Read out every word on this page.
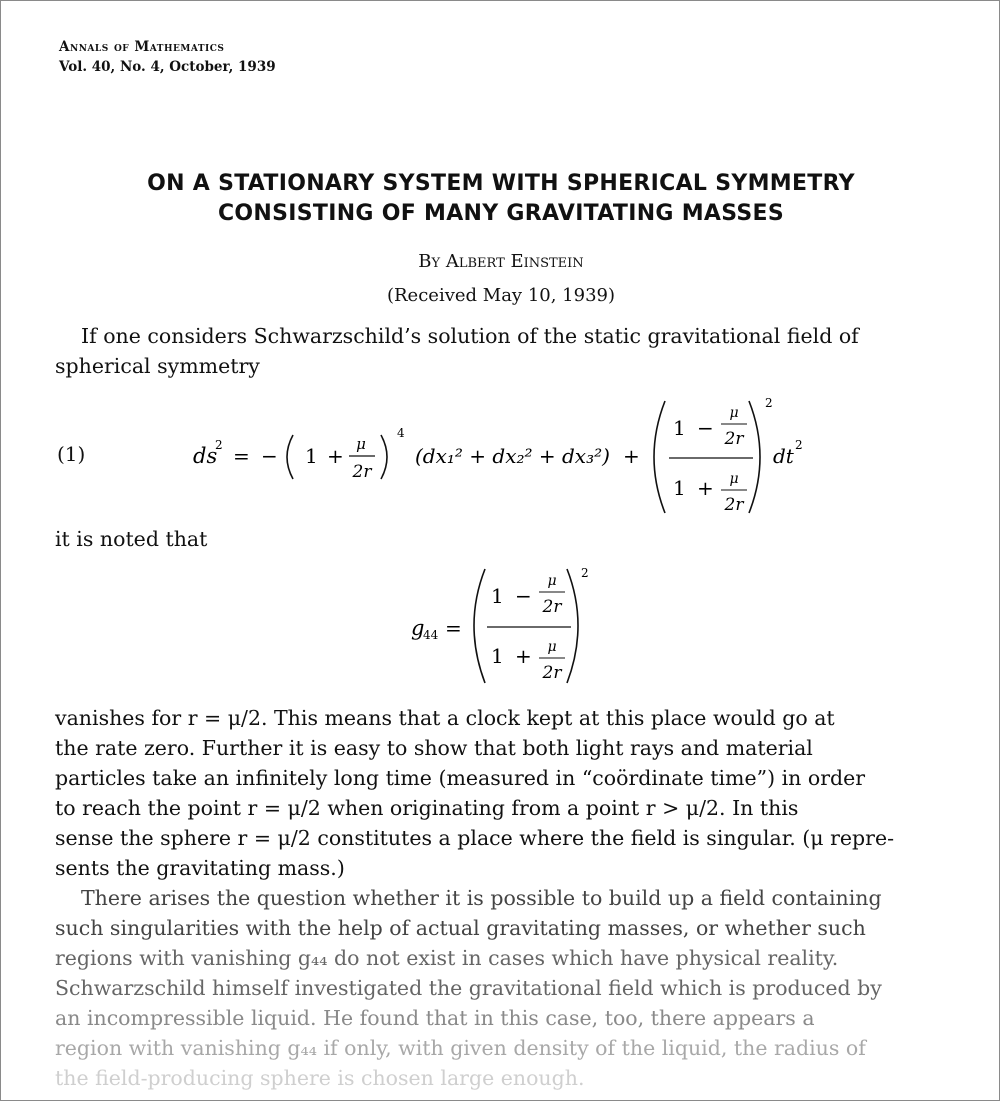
Annals of Mathematics
Vol. 40, No. 4, October, 1939
ON A STATIONARY SYSTEM WITH SPHERICAL SYMMETRY
CONSISTING OF MANY GRAVITATING MASSES
By Albert Einstein
(Received May 10, 1939)
If one considers Schwarzschild’s solution of the static gravitational field of
spherical symmetry
(1)	ds
2 = − 1 + μ
2r
4
(dx₁² + dx₂² + dx₃²) +
1 −
μ
2r
1 + μ
2r
2
dt 2
it is noted that
g
44 =
1 −
μ
2r
1 + μ
2r
2
vanishes for r = μ/2. This means that a clock kept at this place would go at
the rate zero. Further it is easy to show that both light rays and material
particles take an infinitely long time (measured in “coördinate time”) in order
to reach the point r = μ/2 when originating from a point r > μ/2. In this
sense the sphere r = μ/2 constitutes a place where the field is singular. (μ repre-
sents the gravitating mass.)
There arises the question whether it is possible to build up a field containing
such singularities with the help of actual gravitating masses, or whether such
regions with vanishing g₄₄ do not exist in cases which have physical reality.
Schwarzschild himself investigated the gravitational field which is produced by
an incompressible liquid. He found that in this case, too, there appears a
region with vanishing g₄₄ if only, with given density of the liquid, the radius of
the field-producing sphere is chosen large enough.
